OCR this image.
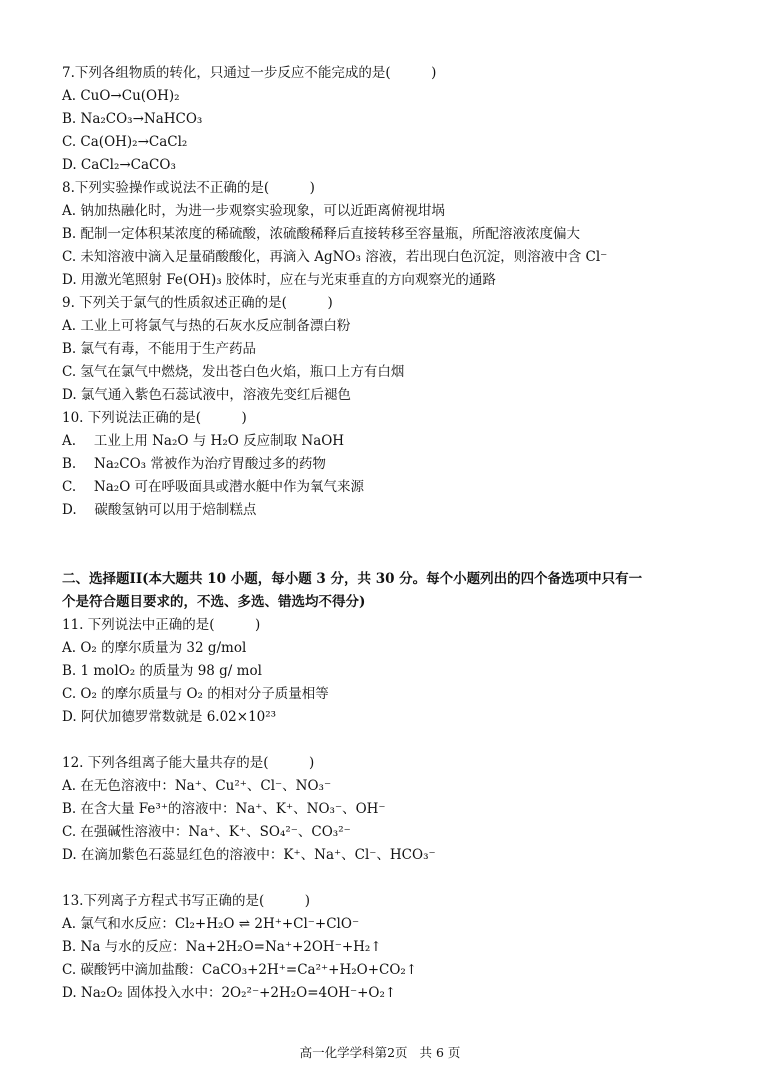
7.下列各组物质的转化，只通过一步反应不能完成的是(　　　)
A. CuO→Cu(OH)₂
B. Na₂CO₃→NaHCO₃
C. Ca(OH)₂→CaCl₂
D. CaCl₂→CaCO₃
8.下列实验操作或说法不正确的是(　　　)
A. 钠加热融化时，为进一步观察实验现象，可以近距离俯视坩埚
B. 配制一定体积某浓度的稀硫酸，浓硫酸稀释后直接转移至容量瓶，所配溶液浓度偏大
C. 未知溶液中滴入足量硝酸酸化，再滴入 AgNO₃ 溶液，若出现白色沉淀，则溶液中含 Cl⁻
D. 用激光笔照射 Fe(OH)₃ 胶体时，应在与光束垂直的方向观察光的通路
9. 下列关于氯气的性质叙述正确的是(　　　)
A. 工业上可将氯气与热的石灰水反应制备漂白粉
B. 氯气有毒，不能用于生产药品
C. 氢气在氯气中燃烧，发出苍白色火焰，瓶口上方有白烟
D. 氯气通入紫色石蕊试液中，溶液先变红后褪色
10. 下列说法正确的是(　　　)
A.　 工业上用 Na₂O 与 H₂O 反应制取 NaOH
B.　 Na₂CO₃ 常被作为治疗胃酸过多的药物
C.　 Na₂O 可在呼吸面具或潜水艇中作为氧气来源
D.　 碳酸氢钠可以用于焙制糕点
二、选择题II(本大题共 10 小题，每小题 3 分，共 30 分。每个小题列出的四个备选项中只有一
个是符合题目要求的，不选、多选、错选均不得分)
11. 下列说法中正确的是(　　　)
A. O₂ 的摩尔质量为 32 g/mol
B. 1 molO₂ 的质量为 98 g/ mol
C. O₂ 的摩尔质量与 O₂ 的相对分子质量相等
D. 阿伏加德罗常数就是 6.02×10²³
12. 下列各组离子能大量共存的是(　　　)
A. 在无色溶液中：Na⁺、Cu²⁺、Cl⁻、NO₃⁻
B. 在含大量 Fe³⁺的溶液中：Na⁺、K⁺、NO₃⁻、OH⁻
C. 在强碱性溶液中：Na⁺、K⁺、SO₄²⁻、CO₃²⁻
D. 在滴加紫色石蕊显红色的溶液中：K⁺、Na⁺、Cl⁻、HCO₃⁻
13.下列离子方程式书写正确的是(　　　)
A. 氯气和水反应：Cl₂+H₂O ⇌ 2H⁺+Cl⁻+ClO⁻
B. Na 与水的反应：Na+2H₂O=Na⁺+2OH⁻+H₂↑
C. 碳酸钙中滴加盐酸：CaCO₃+2H⁺=Ca²⁺+H₂O+CO₂↑
D. Na₂O₂ 固体投入水中：2O₂²⁻+2H₂O=4OH⁻+O₂↑
高一化学学科第2页 共 6 页
